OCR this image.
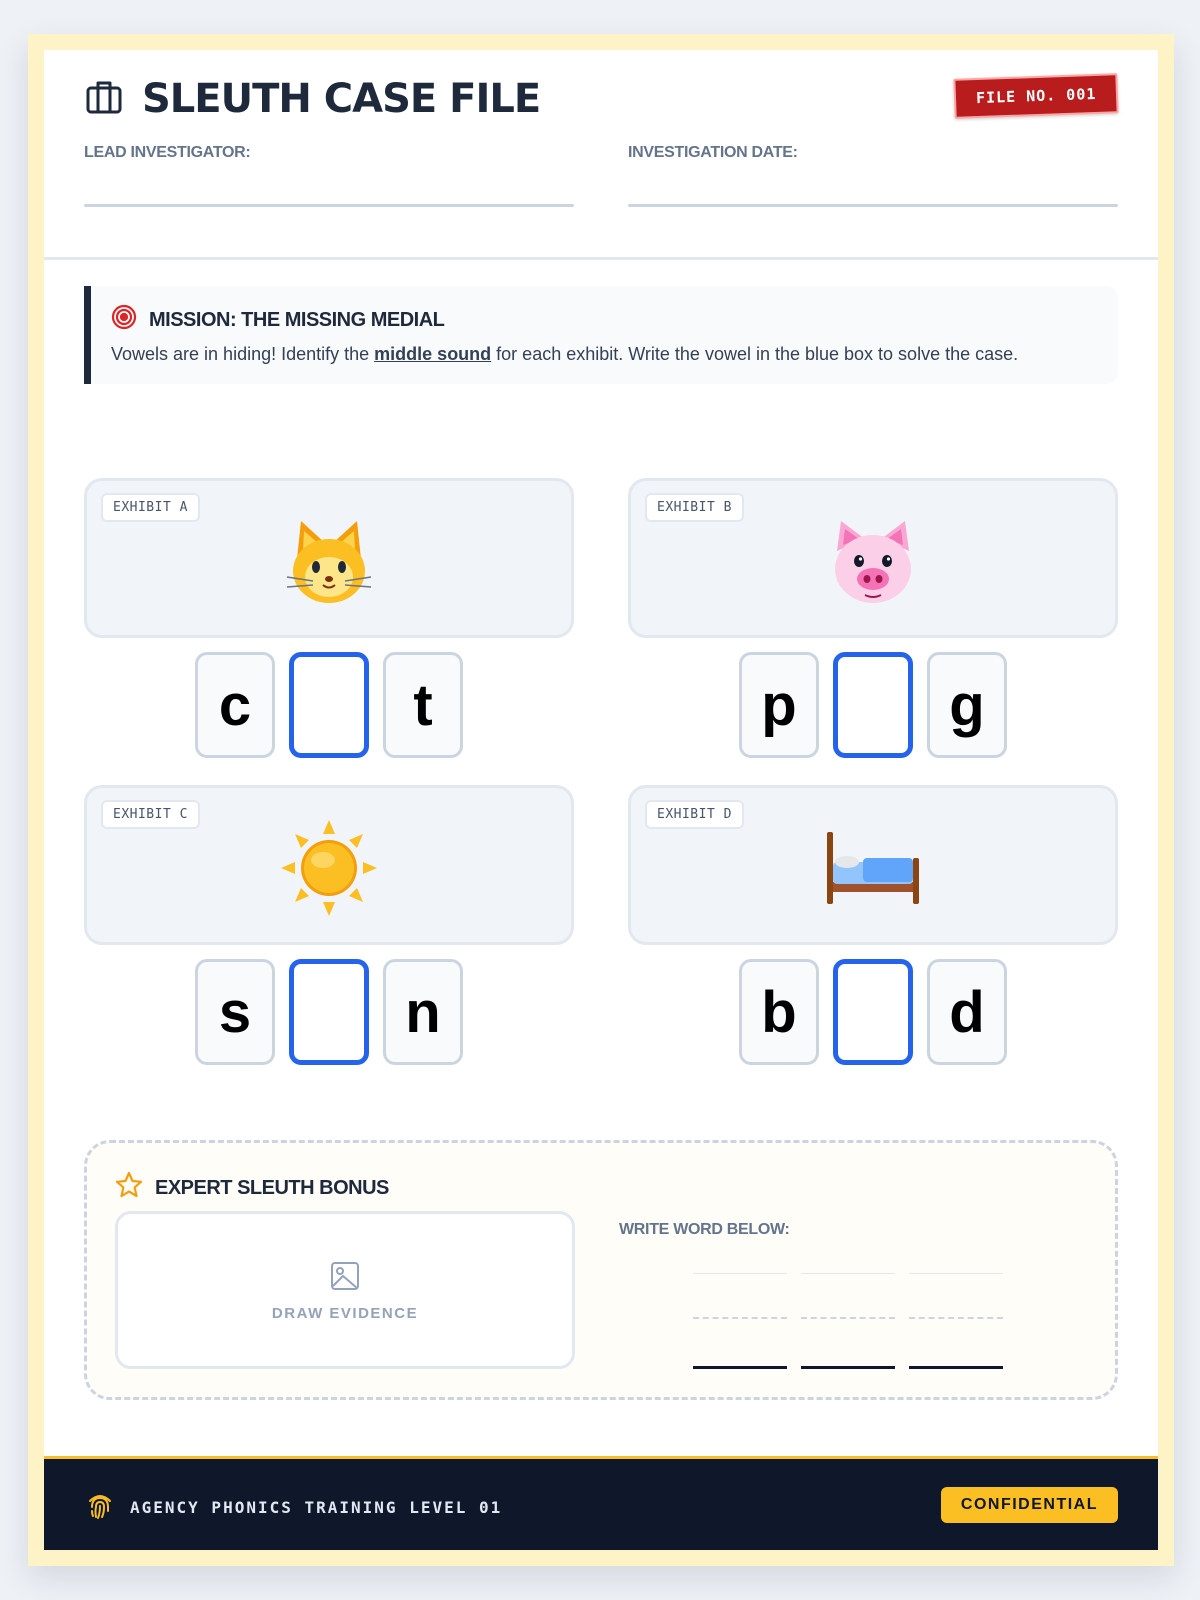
SLEUTH CASE FILE	FILE NO. 001
LEAD INVESTIGATOR:	INVESTIGATION DATE:
MISSION: THE MISSING MEDIAL
Vowels are in hiding! Identify the middle sound for each exhibit. Write the vowel in the blue box to solve the case.
EXHIBIT A
c	t
EXHIBIT B
p	g
EXHIBIT C
s	n
EXHIBIT D
b	d
EXPERT SLEUTH BONUS
DRAW EVIDENCE
WRITE WORD BELOW:
AGENCY PHONICS TRAINING LEVEL 01	CONFIDENTIAL
